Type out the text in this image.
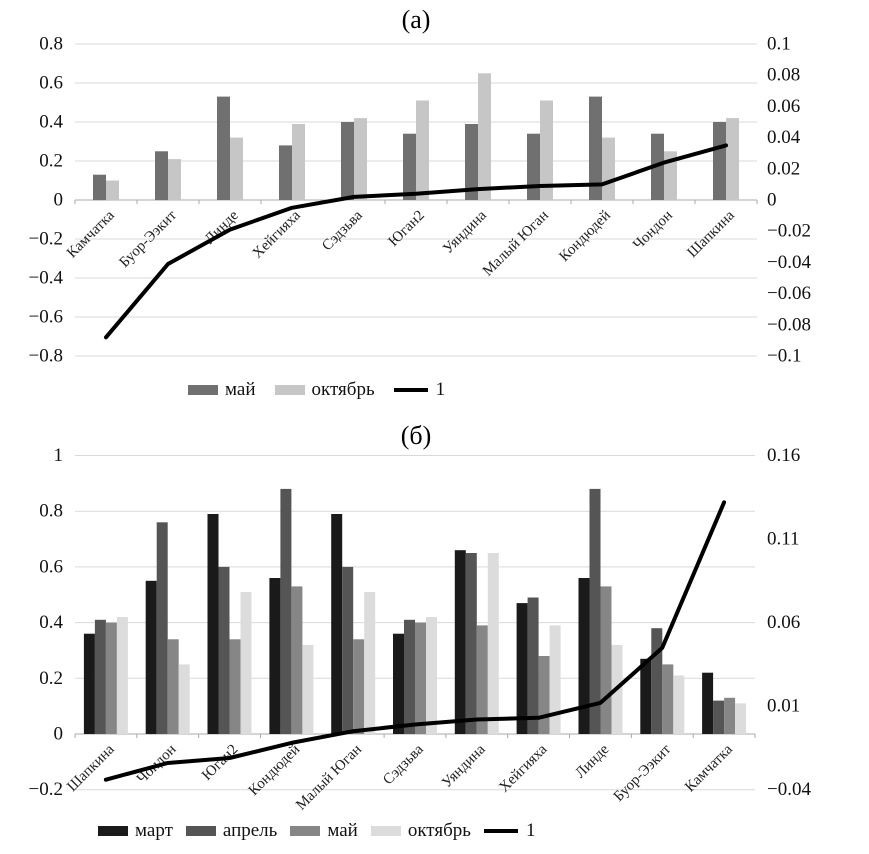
0.8
0.6
0.4
0.2
0
−0.2
−0.4
−0.6
−0.8
0.1
0.08
0.06
0.04
0.02
0
−0.02
−0.04
−0.06
−0.08
−0.1
Камчатка
Буор-Ээкит Линде Хейгияха Сэдзьва Юган2 Уяндина
Малый Юган Кондюдей Чондон Шапкина
1
0.8
0.6
0.4
0.2
0
−0.2
0.16
0.11
0.06
0.01
−0.04
Шапкина Чондон Юган2 Кондюдей
Малый Юган Сэдзьва Уяндина Хейгияха Линде
Буор-Ээкит Камчатка
(а)
(б)
май	октябрь	1
март	апрель	май	октябрь	1
